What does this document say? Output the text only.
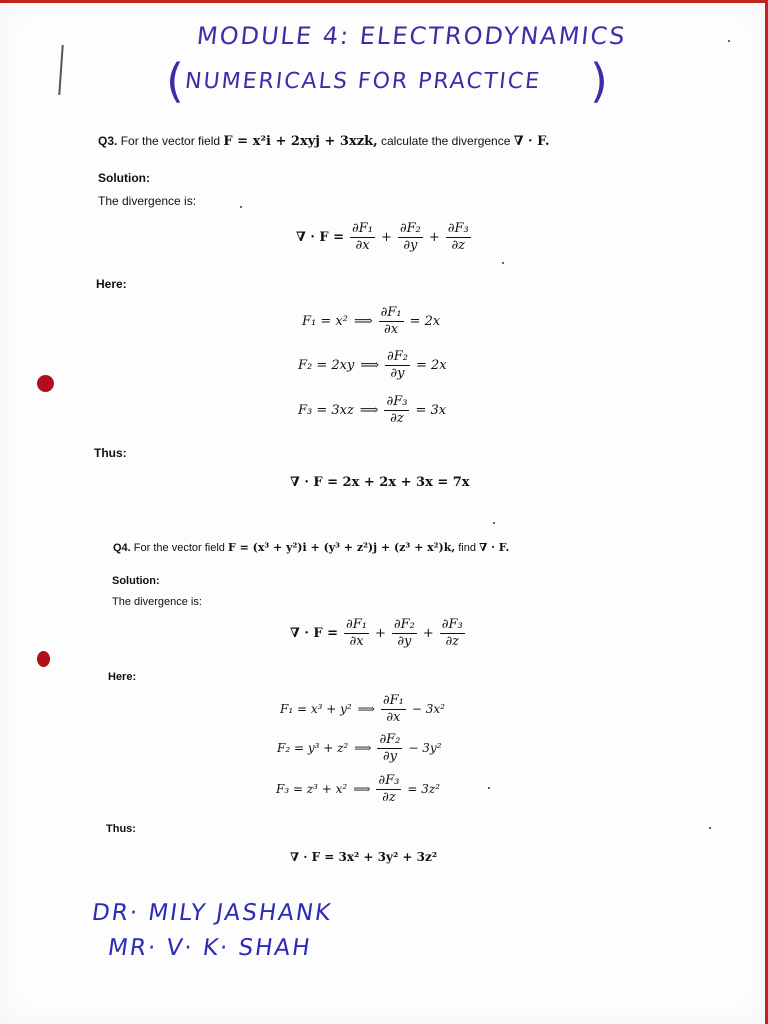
MODULE 4: ELECTRODYNAMICS
( NUMERICALS FOR PRACTICE )
Q3. For the vector field F = x²i + 2xyj + 3xzk, calculate the divergence ∇ · F.
Solution:
The divergence is:
∇ · $F = \frac{\text{∂F₁}}{\partial x} + \frac{\text{∂F₂}}{\partial y} + \frac{\text{∂F₃}}{\partial z}$
Here:
F₁ = x² ⟹ $\frac{\text{∂F₁}}{\partial x} = 2x$
F₂ = 2xy ⟹ $\frac{\text{∂F₂}}{\partial y} = 2x$
F₃ = 3xz ⟹ $\frac{\text{∂F₃}}{\partial z} = 3x$
Thus:
∇ · F = 2x + 2x + 3x = 7x
Q4. For the vector field F = (x³ + y²)i + (y³ + z²)j + (z³ + x²)k, find ∇ · F.
Solution:
The divergence is:
∇ · $F = \frac{\text{∂F₁}}{\partial x} + \frac{\text{∂F₂}}{\partial y} + \frac{\text{∂F₃}}{\partial z}$
Here:
F₁ = x³ + y² ⟹ $\frac{\text{∂F₁}}{\partial x} - 3x^2$
F₂ = y³ + z² ⟹ $\frac{\text{∂F₂}}{\partial y} - 3y^2$
F₃ = z³ + x² ⟹ $\frac{\text{∂F₃}}{\partial z} = 3z^2$
Thus:
∇ · F = 3x² + 3y² + 3z²
DR· MILY JASHANK
MR· V· K· SHAH
